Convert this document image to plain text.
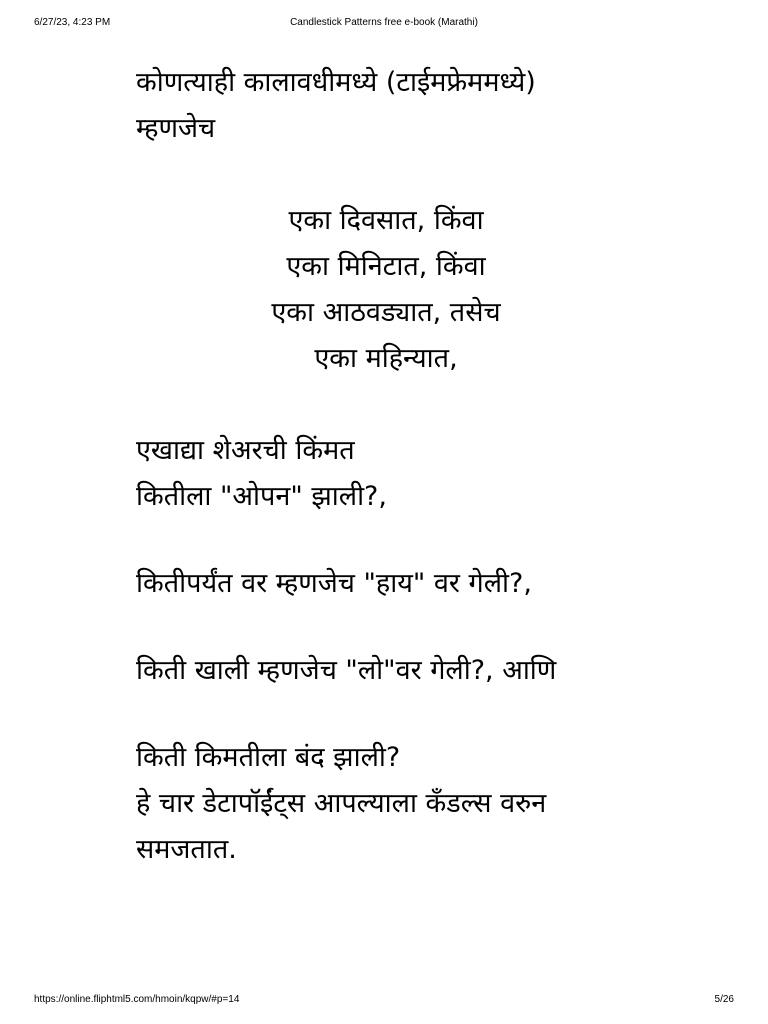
Candlestick Patterns free e-book (Marathi)
6/27/23, 4:23 PM
कोणत्याही कालावधीमध्ये (टाईमफ्रेममध्ये)
म्हणजेच
एका दिवसात, किंवा
एका मिनिटात, किंवा
एका आठवड्यात, तसेच
एका महिन्यात,
एखाद्या शेअरची किंमत
कितीला "ओपन" झाली?,
कितीपर्यंत वर म्हणजेच "हाय" वर गेली?,
किती खाली म्हणजेच "लो"वर गेली?, आणि
किती किमतीला बंद झाली?
हे चार डेटापॉईंट्स आपल्याला कँडल्स वरुन
समजतात.
https://online.fliphtml5.com/hmoin/kqpw/#p=14	5/26
